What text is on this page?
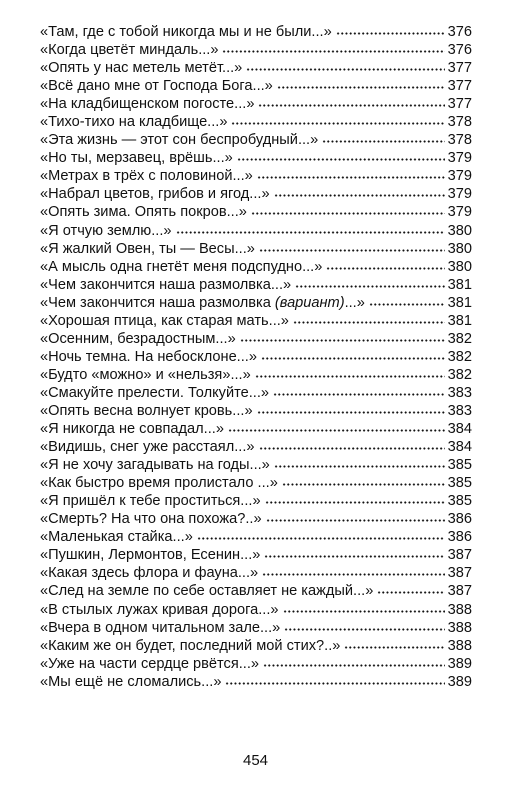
«Там, где с тобой никогда мы и не были...»	376
«Когда цветёт миндаль...»	376
«Опять у нас метель метёт...»	377
«Всё дано мне от Господа Бога...»	377
«На кладбищенском погосте...»	377
«Тихо-тихо на кладбище...»	378
«Эта жизнь — этот сон беспробудный...»	378
«Но ты, мерзавец, врёшь...»	379
«Метрах в трёх с половиной...»	379
«Набрал цветов, грибов и ягод...»	379
«Опять зима. Опять покров...»	379
«Я отчую землю...»	380
«Я жалкий Овен, ты — Весы...»	380
«А мысль одна гнетёт меня подспудно...»	380
«Чем закончится наша размолвка...»	381
«Чем закончится наша размолвка (вариант)...»	381
«Хорошая птица, как старая мать...»	381
«Осенним, безрадостным...»	382
«Ночь темна. На небосклоне...»	382
«Будто «можно» и «нельзя»...»	382
«Смакуйте прелести. Толкуйте...»	383
«Опять весна волнует кровь...»	383
«Я никогда не совпадал...»	384
«Видишь, снег уже расстаял...»	384
«Я не хочу загадывать на годы...»	385
«Как быстро время пролистало ...»	385
«Я пришёл к тебе проститься...»	385
«Смерть? На что она похожа?..»	386
«Маленькая стайка...»	386
«Пушкин, Лермонтов, Есенин...»	387
«Какая здесь флора и фауна...»	387
«След на земле по себе оставляет не каждый...»	387
«В стылых лужах кривая дорога...»	388
«Вчера в одном читальном зале...»	388
«Каким же он будет, последний мой стих?..»	388
«Уже на части сердце рвётся...»	389
«Мы ещё не сломались...»	389
454
